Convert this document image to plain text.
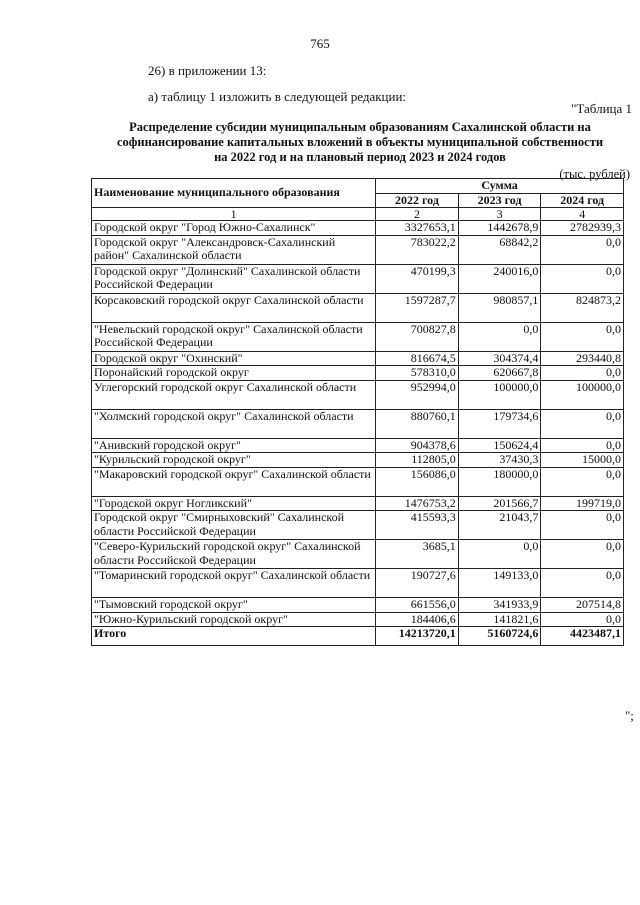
765
26) в приложении 13:
а) таблицу 1 изложить в следующей редакции:
"Таблица 1
Распределение субсидии муниципальным образованиям Сахалинской области на софинансирование капитальных вложений в объекты муниципальной собственности на 2022 год и на плановый период 2023 и 2024 годов
(тыс. рублей)
Наименование муниципального образования	Сумма		
	2022 год	2023 год	2024 год
1	2	3	4
Городской округ "Город Южно-Сахалинск"	3327653,1	1442678,9	2782939,3
Городской округ "Александровск-Сахалинский район" Сахалинской области	783022,2	68842,2	0,0
Городской округ "Долинский" Сахалинской области Российской Федерации	470199,3	240016,0	0,0
Корсаковский городской округ Сахалинской области	1597287,7	980857,1	824873,2
"Невельский городской округ" Сахалинской области Российской Федерации	700827,8	0,0	0,0
Городской округ "Охинский"	816674,5	304374,4	293440,8
Поронайский городской округ	578310,0	620667,8	0,0
Углегорский городской округ Сахалинской области	952994,0	100000,0	100000,0
"Холмский городской округ" Сахалинской области	880760,1	179734,6	0,0
"Анивский городской округ"	904378,6	150624,4	0,0
"Курильский городской округ"	112805,0	37430,3	15000,0
"Макаровский городской округ" Сахалинской области	156086,0	180000,0	0,0
"Городской округ Ногликский"	1476753,2	201566,7	199719,0
Городской округ "Смирныховский" Сахалинской области Российской Федерации	415593,3	21043,7	0,0
"Северо-Курильский городской округ" Сахалинской области Российской Федерации	3685,1	0,0	0,0
"Томаринский городской округ" Сахалинской области	190727,6	149133,0	0,0
"Тымовский городской округ"	661556,0	341933,9	207514,8
"Южно-Курильский городской округ"	184406,6	141821,6	0,0
Итого	14213720,1	5160724,6	4423487,1
";
